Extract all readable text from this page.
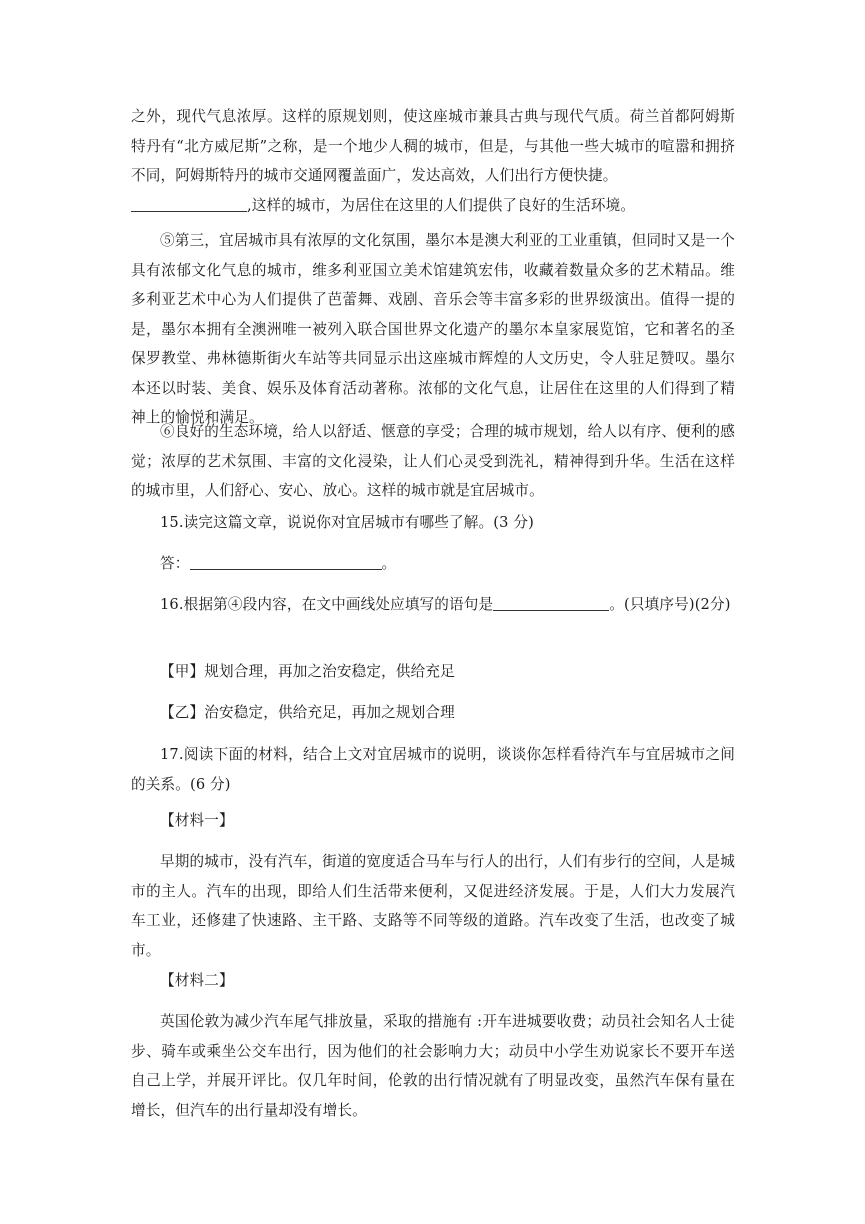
之外，现代气息浓厚。这样的原规划则，使这座城市兼具古典与现代气质。荷兰首都阿姆斯特丹有“北方威尼斯”之称，是一个地少人稠的城市，但是，与其他一些大城市的喧嚣和拥挤不同，阿姆斯特丹的城市交通网覆盖面广，发达高效，人们出行方便快捷。

,这样的城市，为居住在这里的人们提供了良好的生活环境。

⑤第三，宜居城市具有浓厚的文化氛围，墨尔本是澳大利亚的工业重镇，但同时又是一个具有浓郁文化气息的城市，维多利亚国立美术馆建筑宏伟，收藏着数量众多的艺术精品。维多利亚艺术中心为人们提供了芭蕾舞、戏剧、音乐会等丰富多彩的世界级演出。值得一提的是，墨尔本拥有全澳洲唯一被列入联合国世界文化遗产的墨尔本皇家展览馆，它和著名的圣保罗教堂、弗林德斯街火车站等共同显示出这座城市辉煌的人文历史，令人驻足赞叹。墨尔本还以时装、美食、娱乐及体育活动著称。浓郁的文化气息，让居住在这里的人们得到了精神上的愉悦和满足。

⑥良好的生态环境，给人以舒适、惬意的享受；合理的城市规划，给人以有序、便利的感觉；浓厚的艺术氛围、丰富的文化浸染，让人们心灵受到洗礼，精神得到升华。生活在这样的城市里，人们舒心、安心、放心。这样的城市就是宜居城市。

15.读完这篇文章，说说你对宜居城市有哪些了解。(3 分)

答：	。

16.根据第④段内容，在文中画线处应填写的语句是	。(只填序号)(2分)

【甲】规划合理，再加之治安稳定，供给充足

【乙】治安稳定，供给充足，再加之规划合理

17.阅读下面的材料，结合上文对宜居城市的说明，谈谈你怎样看待汽车与宜居城市之间的关系。(6 分)

【材料一】

早期的城市，没有汽车，街道的宽度适合马车与行人的出行，人们有步行的空间，人是城市的主人。汽车的出现，即给人们生活带来便利，又促进经济发展。于是，人们大力发展汽车工业，还修建了快速路、主干路、支路等不同等级的道路。汽车改变了生活，也改变了城市。

【材料二】

英国伦敦为减少汽车尾气排放量，采取的措施有 :开车进城要收费；动员社会知名人士徒步、骑车或乘坐公交车出行，因为他们的社会影响力大；动员中小学生劝说家长不要开车送自己上学，并展开评比。仅几年时间，伦敦的出行情况就有了明显改变，虽然汽车保有量在增长，但汽车的出行量却没有增长。
